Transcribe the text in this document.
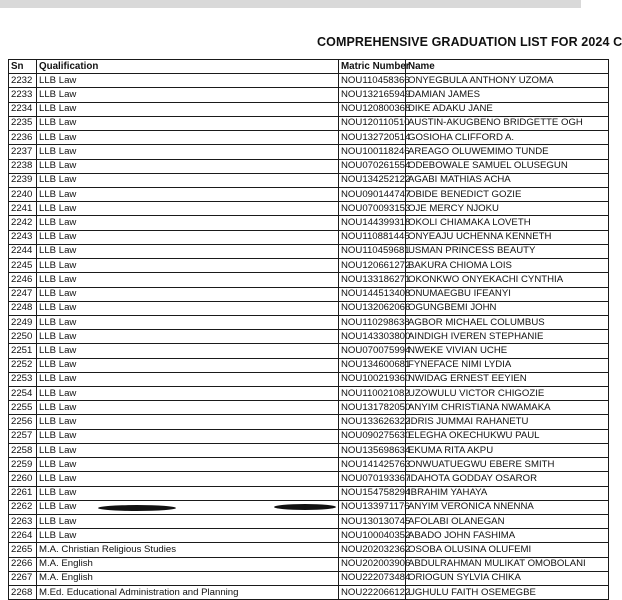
COMPREHENSIVE GRADUATION LIST FOR 2024 C
Sn	Qualification	Matric Number	Name
2232	LLB Law	NOU110458366	ONYEGBULA ANTHONY UZOMA
2233	LLB Law	NOU132165949	DAMIAN JAMES
2234	LLB Law	NOU120800368	DIKE ADAKU JANE
2235	LLB Law	NOU120110510	AUSTIN-AKUGBENO BRIDGETTE OGH
2236	LLB Law	NOU132720514	GOSIOHA CLIFFORD A.
2237	LLB Law	NOU100118246	AREAGO OLUWEMIMO TUNDE
2238	LLB Law	NOU070261554	ODEBOWALE SAMUEL OLUSEGUN
2239	LLB Law	NOU134252122	AGABI MATHIAS ACHA
2240	LLB Law	NOU090144747	OBIDE BENEDICT GOZIE
2241	LLB Law	NOU070093153	OJE MERCY NJOKU
2242	LLB Law	NOU144399318	OKOLI CHIAMAKA LOVETH
2243	LLB Law	NOU110881445	ONYEAJU UCHENNA KENNETH
2244	LLB Law	NOU110459681	USMAN PRINCESS BEAUTY
2245	LLB Law	NOU120661272	BAKURA CHIOMA LOIS
2246	LLB Law	NOU133186271	OKONKWO ONYEKACHI CYNTHIA
2247	LLB Law	NOU144513408	ONUMAEGBU IFEANYI
2248	LLB Law	NOU132062066	OGUNGBEMI JOHN
2249	LLB Law	NOU110298638	AGBOR MICHAEL COLUMBUS
2250	LLB Law	NOU143303800	AINDIGH IVEREN STEPHANIE
2251	LLB Law	NOU070075994	NWEKE VIVIAN UCHE
2252	LLB Law	NOU134600681	FYNEFACE NIMI LYDIA
2253	LLB Law	NOU100219360	NWIDAG ERNEST EEYIEN
2254	LLB Law	NOU110021082	UZOWULU VICTOR CHIGOZIE
2255	LLB Law	NOU131782050	ANYIM CHRISTIANA NWAMAKA
2256	LLB Law	NOU133626322	IDRIS JUMMAI RAHANETU
2257	LLB Law	NOU090275630	ELEGHA OKECHUKWU PAUL
2258	LLB Law	NOU135698634	EKUMA RITA AKPU
2259	LLB Law	NOU141425763	ONWUATUEGWU EBERE SMITH
2260	LLB Law	NOU070193367	IDAHOTA GODDAY OSAROR
2261	LLB Law	NOU154758294	IBRAHIM YAHAYA
2262	LLB Law	NOU133971176	ANYIM VERONICA NNENNA
2263	LLB Law	NOU130130745	AFOLABI OLANEGAN
2264	LLB Law	NOU100040352	ABADO JOHN FASHIMA
2265	M.A. Christian Religious Studies	NOU202032362	OSOBA OLUSINA OLUFEMI
2266	M.A. English	NOU202003906	ABDULRAHMAN MULIKAT OMOBOLANI
2267	M.A. English	NOU222073484	ORIOGUN SYLVIA CHIKA
2268	M.Ed. Educational Administration and Planning	NOU222066122	UGHULU FAITH OSEMEGBE
